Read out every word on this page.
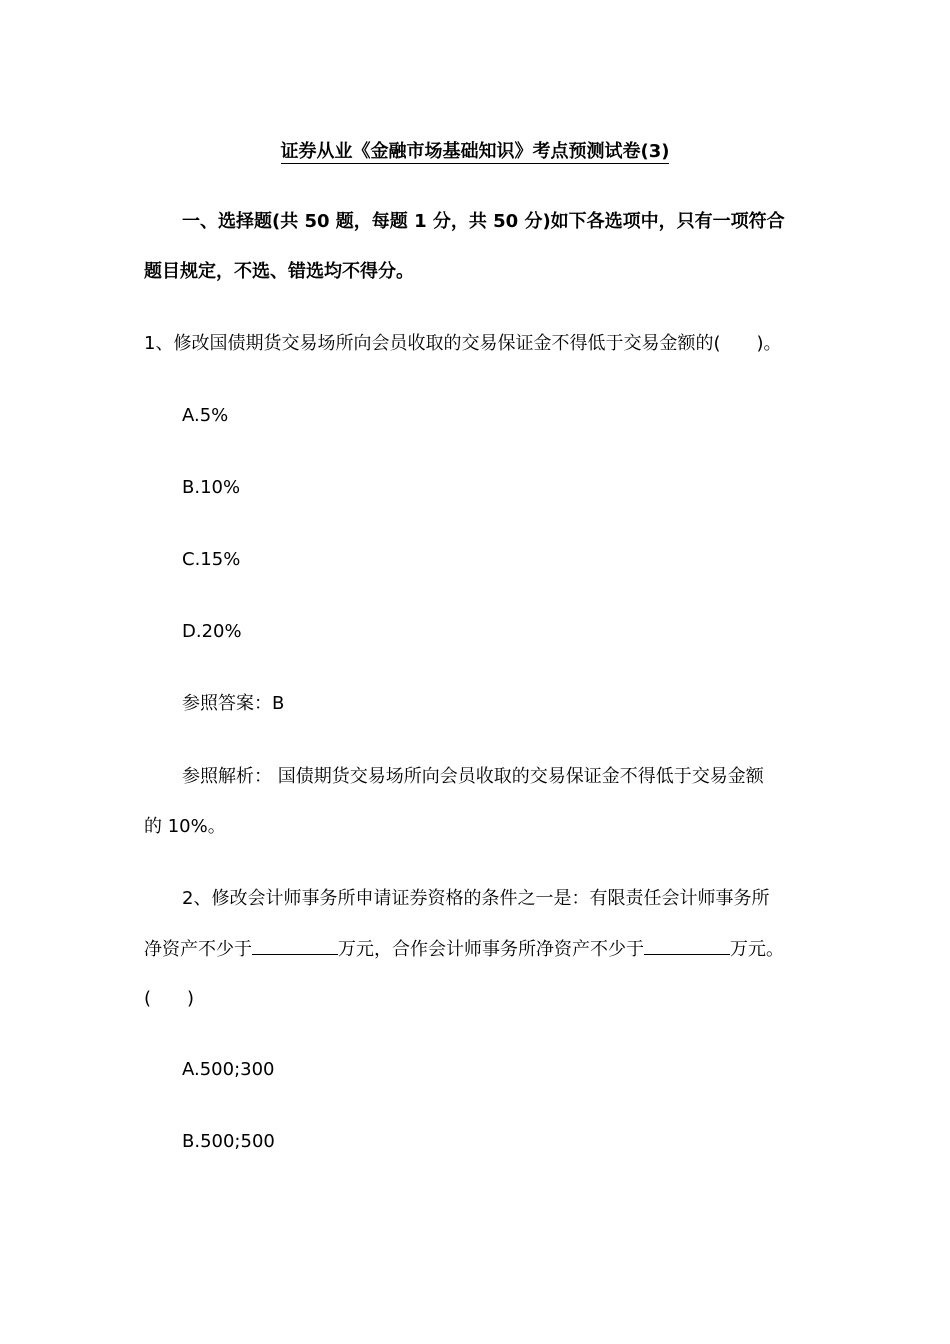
证券从业《金融市场基础知识》考点预测试卷(3)
一、选择题(共 50 题，每题 1 分，共 50 分)如下各选项中，只有一项符合
题目规定，不选、错选均不得分。
1、修改国债期货交易场所向会员收取的交易保证金不得低于交易金额的(　　)。
A.5%
B.10%
C.15%
D.20%
参照答案：B
参照解析： 国债期货交易场所向会员收取的交易保证金不得低于交易金额
的 10%。
2、修改会计师事务所申请证券资格的条件之一是：有限责任会计师事务所
净资产不少于	万元，合作会计师事务所净资产不少于	万元。
(　　)
A.500;300
B.500;500
